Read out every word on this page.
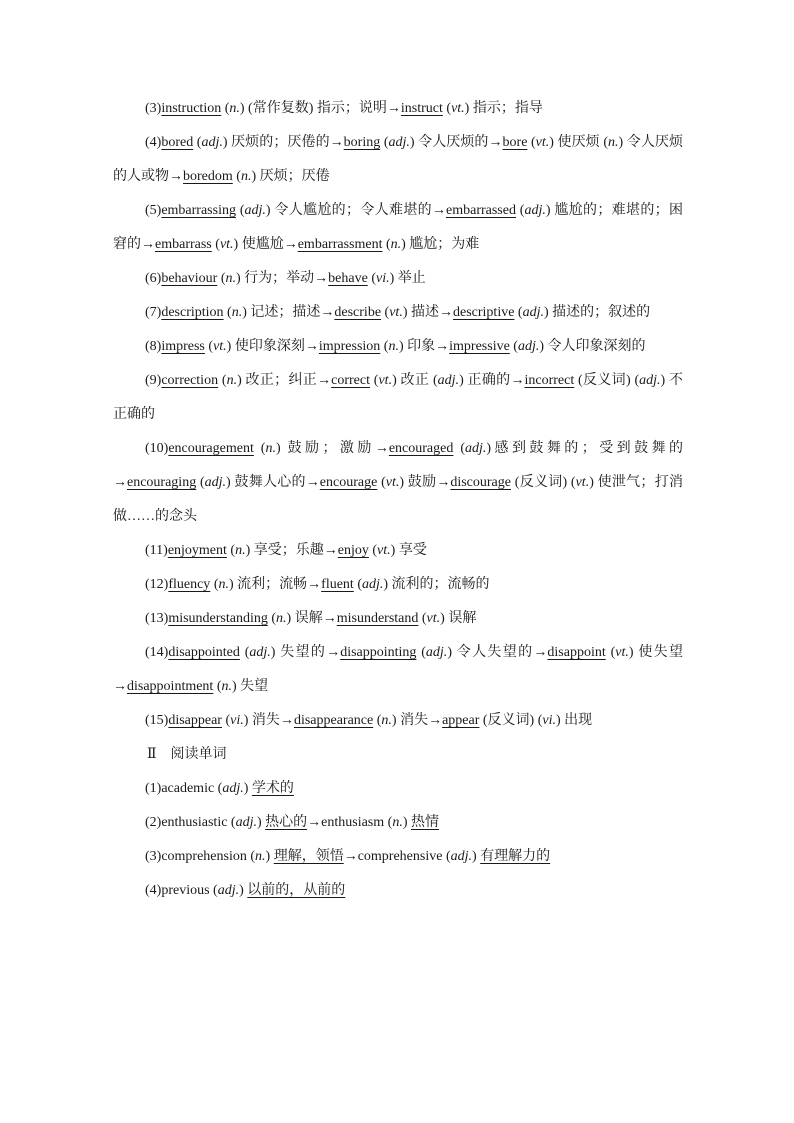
(3)instruction (n.) (常作复数) 指示；说明→instruct (vt.) 指示；指导

(4)bored (adj.) 厌烦的；厌倦的→boring (adj.) 令人厌烦的→bore (vt.) 使厌烦 (n.) 令人厌烦的人或物→boredom (n.) 厌烦；厌倦

(5)embarrassing (adj.) 令人尴尬的；令人难堪的→embarrassed (adj.) 尴尬的；难堪的；困窘的→embarrass (vt.) 使尴尬→embarrassment (n.) 尴尬；为难

(6)behaviour (n.) 行为；举动→behave (vi.) 举止

(7)description (n.) 记述；描述→describe (vt.) 描述→descriptive (adj.) 描述的；叙述的

(8)impress (vt.) 使印象深刻→impression (n.) 印象→impressive (adj.) 令人印象深刻的

(9)correction (n.) 改正；纠正→correct (vt.) 改正 (adj.) 正确的→incorrect (反义词) (adj.) 不正确的

(10)encouragement (n.) 鼓励；激励→encouraged (adj.)感到鼓舞的；受到鼓舞的→encouraging (adj.) 鼓舞人心的→encourage (vt.) 鼓励→discourage (反义词) (vt.) 使泄气；打消做……的念头

(11)enjoyment (n.) 享受；乐趣→enjoy (vt.) 享受

(12)fluency (n.) 流利；流畅→fluent (adj.) 流利的；流畅的

(13)misunderstanding (n.) 误解→misunderstand (vt.) 误解

(14)disappointed (adj.) 失望的→disappointing (adj.) 令人失望的→disappoint (vt.) 使失望→disappointment (n.) 失望

(15)disappear (vi.) 消失→disappearance (n.) 消失→appear (反义词) (vi.) 出现

Ⅱ 阅读单词

(1)academic (adj.) 学术的

(2)enthusiastic (adj.) 热心的→enthusiasm (n.) 热情

(3)comprehension (n.) 理解，领悟→comprehensive (adj.) 有理解力的

(4)previous (adj.) 以前的，从前的
